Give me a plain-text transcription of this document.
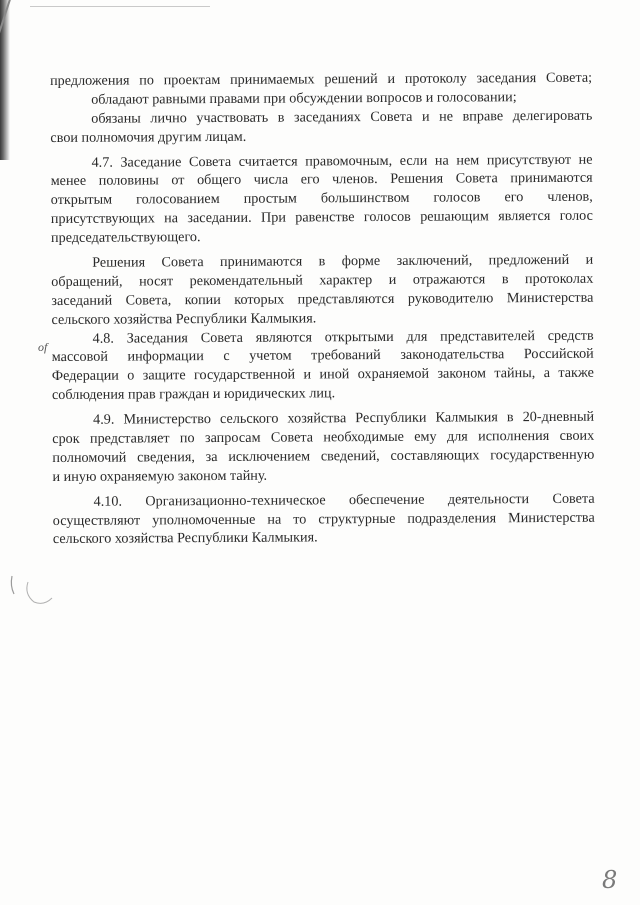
предложения по проектам принимаемых решений и протоколу заседания Совета;
обладают равными правами при обсуждении вопросов и голосовании;
обязаны лично участвовать в заседаниях Совета и не вправе делегировать
свои полномочия другим лицам.
4.7. Заседание Совета считается правомочным, если на нем присутствуют не
менее половины от общего числа его членов. Решения Совета принимаются
открытым голосованием простым большинством голосов его членов,
присутствующих на заседании. При равенстве голосов решающим является голос
председательствующего.
Решения Совета принимаются в форме заключений, предложений и
обращений, носят рекомендательный характер и отражаются в протоколах
заседаний Совета, копии которых представляются руководителю Министерства
сельского хозяйства Республики Калмыкия.
4.8. Заседания Совета являются открытыми для представителей средств
массовой информации с учетом требований законодательства Российской
Федерации о защите государственной и иной охраняемой законом тайны, а также
соблюдения прав граждан и юридических лиц.
4.9. Министерство сельского хозяйства Республики Калмыкия в 20-дневный
срок представляет по запросам Совета необходимые ему для исполнения своих
полномочий сведения, за исключением сведений, составляющих государственную
и иную охраняемую законом тайну.
4.10. Организационно-техническое обеспечение деятельности Совета
осуществляют уполномоченные на то структурные подразделения Министерства
сельского хозяйства Республики Калмыкия.
of
8
